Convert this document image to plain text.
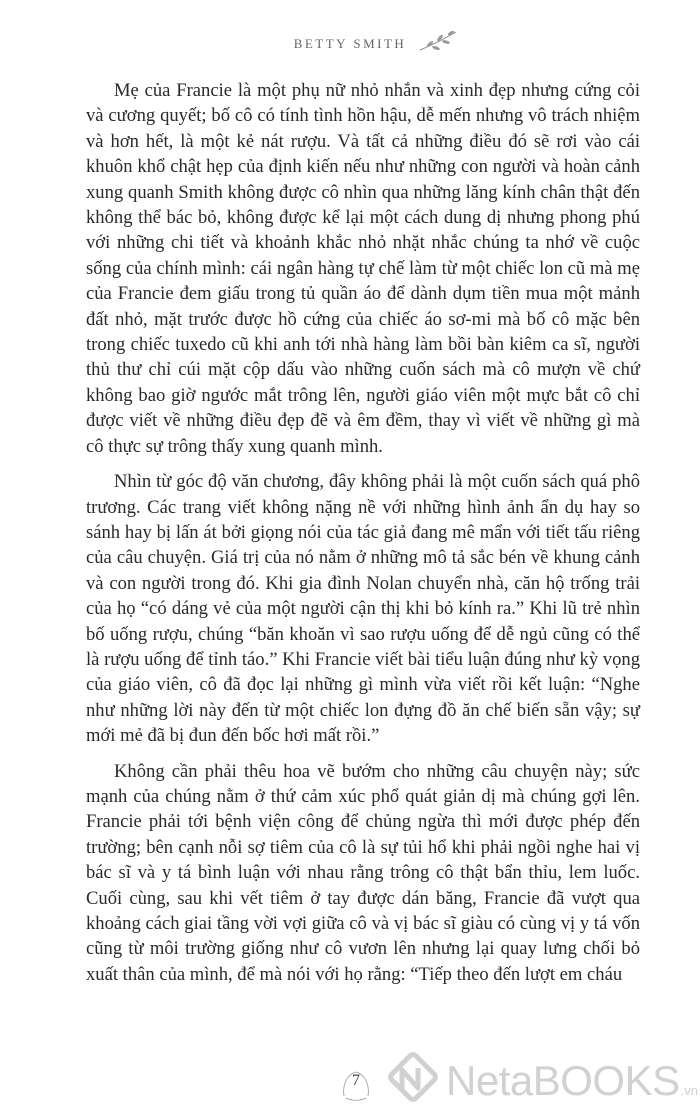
BETTY SMITH

Mẹ của Francie là một phụ nữ nhỏ nhắn và xinh đẹp nhưng cứng cỏi và cương quyết; bố cô có tính tình hồn hậu, dễ mến nhưng vô trách nhiệm và hơn hết, là một kẻ nát rượu. Và tất cả những điều đó sẽ rơi vào cái khuôn khổ chật hẹp của định kiến nếu như những con người và hoàn cảnh xung quanh Smith không được cô nhìn qua những lăng kính chân thật đến không thể bác bỏ, không được kể lại một cách dung dị nhưng phong phú với những chi tiết và khoảnh khắc nhỏ nhặt nhắc chúng ta nhớ về cuộc sống của chính mình: cái ngân hàng tự chế làm từ một chiếc lon cũ mà mẹ của Francie đem giấu trong tủ quần áo để dành dụm tiền mua một mảnh đất nhỏ, mặt trước được hồ cứng của chiếc áo sơ-mi mà bố cô mặc bên trong chiếc tuxedo cũ khi anh tới nhà hàng làm bồi bàn kiêm ca sĩ, người thủ thư chỉ cúi mặt cộp dấu vào những cuốn sách mà cô mượn về chứ không bao giờ ngước mắt trông lên, người giáo viên một mực bắt cô chỉ được viết về những điều đẹp đẽ và êm đềm, thay vì viết về những gì mà cô thực sự trông thấy xung quanh mình.

Nhìn từ góc độ văn chương, đây không phải là một cuốn sách quá phô trương. Các trang viết không nặng nề với những hình ảnh ẩn dụ hay so sánh hay bị lấn át bởi giọng nói của tác giả đang mê mẩn với tiết tấu riêng của câu chuyện. Giá trị của nó nằm ở những mô tả sắc bén về khung cảnh và con người trong đó. Khi gia đình Nolan chuyển nhà, căn hộ trống trải của họ “có dáng vẻ của một người cận thị khi bỏ kính ra.” Khi lũ trẻ nhìn bố uống rượu, chúng “băn khoăn vì sao rượu uống để dễ ngủ cũng có thể là rượu uống để tỉnh táo.” Khi Francie viết bài tiểu luận đúng như kỳ vọng của giáo viên, cô đã đọc lại những gì mình vừa viết rồi kết luận: “Nghe như những lời này đến từ một chiếc lon đựng đồ ăn chế biến sẵn vậy; sự mới mẻ đã bị đun đến bốc hơi mất rồi.”

Không cần phải thêu hoa vẽ bướm cho những câu chuyện này; sức mạnh của chúng nằm ở thứ cảm xúc phổ quát giản dị mà chúng gợi lên. Francie phải tới bệnh viện công để chủng ngừa thì mới được phép đến trường; bên cạnh nỗi sợ tiêm của cô là sự tủi hổ khi phải ngồi nghe hai vị bác sĩ và y tá bình luận với nhau rằng trông cô thật bẩn thỉu, lem luốc. Cuối cùng, sau khi vết tiêm ở tay được dán băng, Francie đã vượt qua khoảng cách giai tầng vời vợi giữa cô và vị bác sĩ giàu có cùng vị y tá vốn cũng từ môi trường giống như cô vươn lên nhưng lại quay lưng chối bỏ xuất thân của mình, để mà nói với họ rằng: “Tiếp theo đến lượt em cháu

7	NetaBOOKS .vn
